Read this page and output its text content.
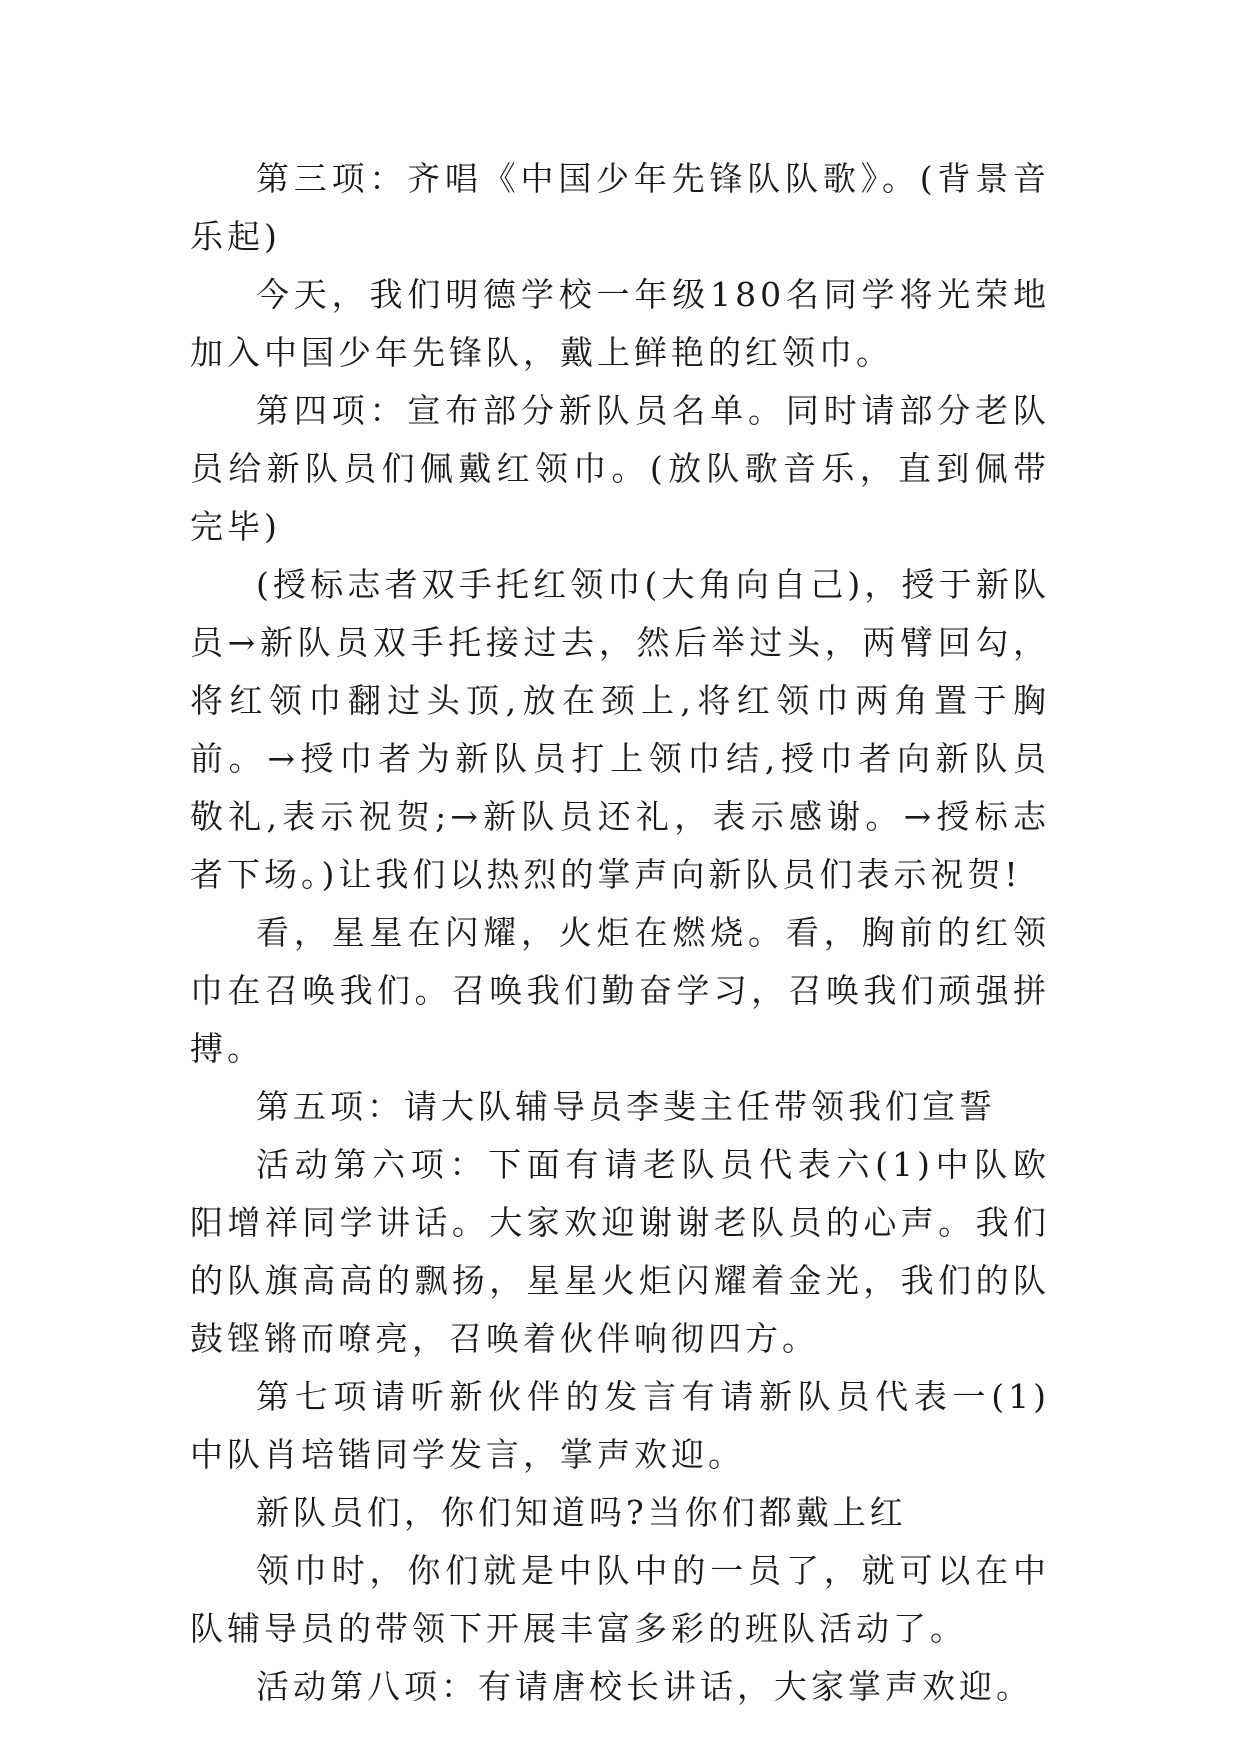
第三项：齐唱《中国少年先锋队队歌》。(背景音乐起)

今天，我们明德学校一年级180名同学将光荣地加入中国少年先锋队，戴上鲜艳的红领巾。

第四项：宣布部分新队员名单。同时请部分老队员给新队员们佩戴红领巾。(放队歌音乐，直到佩带完毕)

(授标志者双手托红领巾(大角向自己)，授于新队员→新队员双手托接过去，然后举过头，两臂回勾，将红领巾翻过头顶,放在颈上,将红领巾两角置于胸前。→授巾者为新队员打上领巾结,授巾者向新队员敬礼,表示祝贺;→新队员还礼，表示感谢。→授标志者下场。)让我们以热烈的掌声向新队员们表示祝贺!

看，星星在闪耀，火炬在燃烧。看，胸前的红领巾在召唤我们。召唤我们勤奋学习，召唤我们顽强拼搏。

第五项：请大队辅导员李斐主任带领我们宣誓

活动第六项：下面有请老队员代表六(1)中队欧阳增祥同学讲话。大家欢迎谢谢老队员的心声。我们的队旗高高的飘扬，星星火炬闪耀着金光，我们的队鼓铿锵而嘹亮，召唤着伙伴响彻四方。

第七项请听新伙伴的发言有请新队员代表一(1)中队肖培锴同学发言，掌声欢迎。

新队员们，你们知道吗?当你们都戴上红

领巾时，你们就是中队中的一员了，就可以在中队辅导员的带领下开展丰富多彩的班队活动了。

活动第八项：有请唐校长讲话，大家掌声欢迎。
